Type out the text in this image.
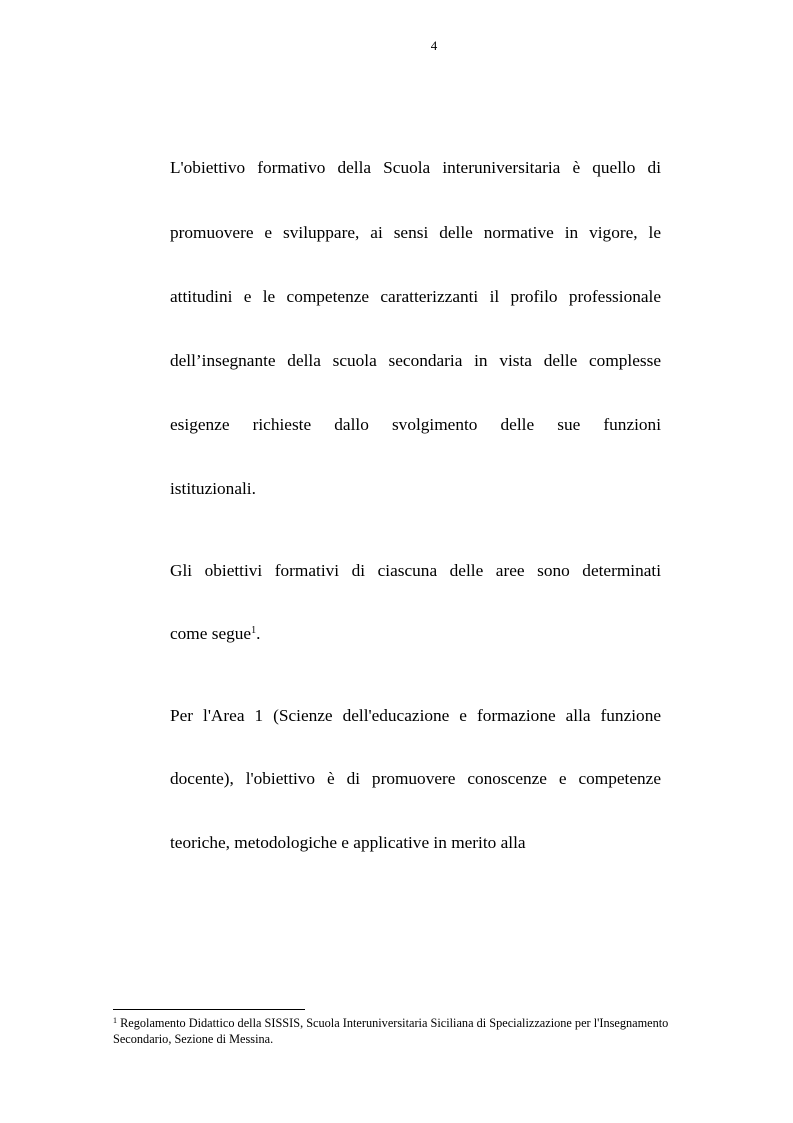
4
L'obiettivo formativo della Scuola interuniversitaria è quello di
promuovere e sviluppare, ai sensi delle normative in vigore, le
attitudini e le competenze caratterizzanti il profilo professionale
dell’insegnante della scuola secondaria in vista delle complesse
esigenze richieste dallo svolgimento delle sue funzioni
istituzionali.
Gli obiettivi formativi di ciascuna delle aree sono determinati
come segue$^1$.
Per l'Area 1 (Scienze dell'educazione e formazione alla funzione
docente), l'obiettivo è di promuovere conoscenze e competenze
teoriche, metodologiche e applicative in merito alla
$^1$ Regolamento Didattico della SISSIS, Scuola Interuniversitaria Siciliana di Specializzazione per l'Insegnamento
Secondario, Sezione di Messina.
